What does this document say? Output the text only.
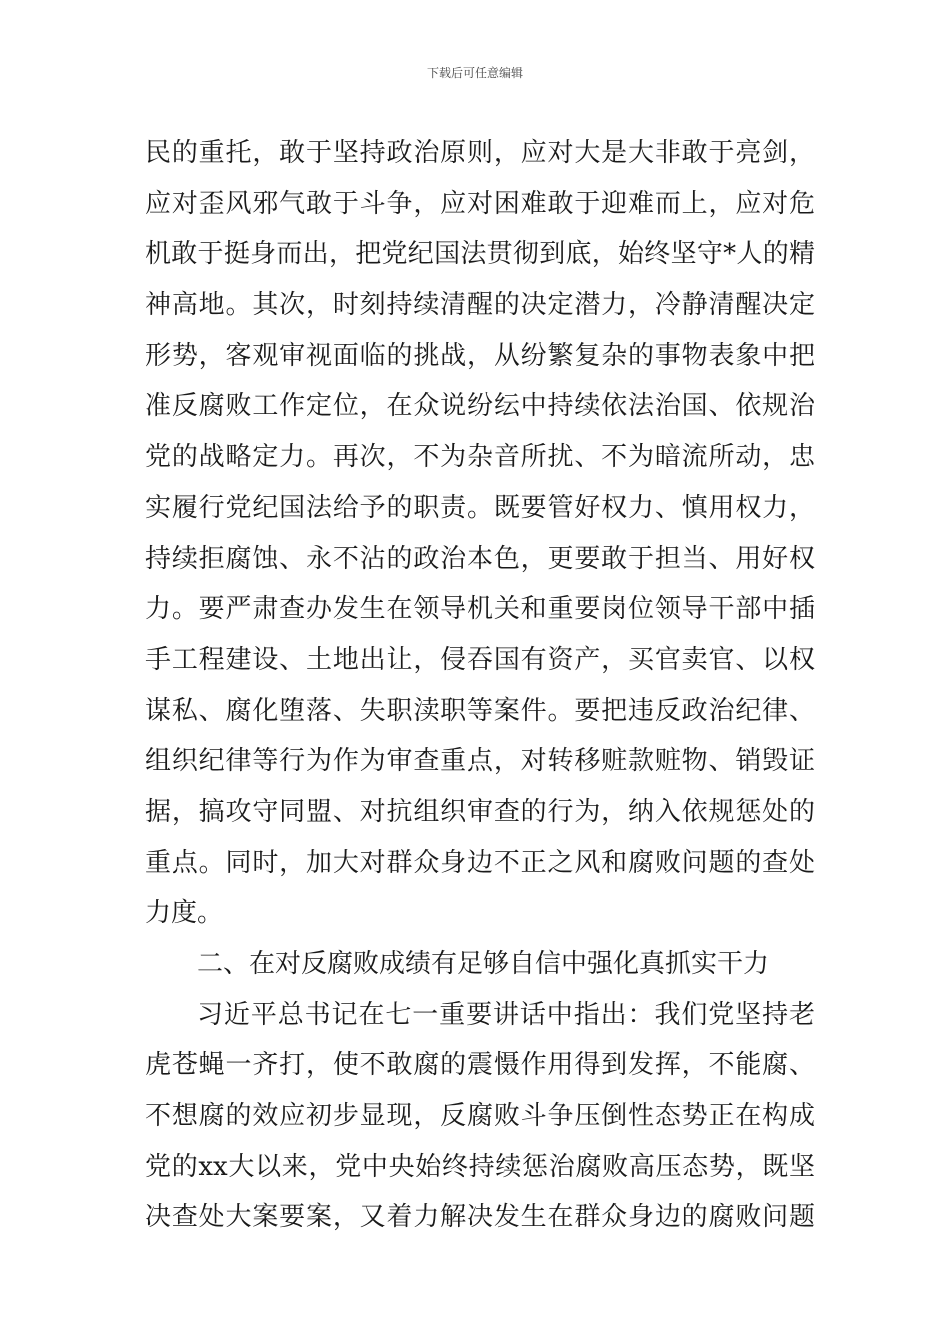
下载后可任意编辑
民的重托，敢于坚持政治原则，应对大是大非敢于亮剑，
应对歪风邪气敢于斗争，应对困难敢于迎难而上，应对危
机敢于挺身而出，把党纪国法贯彻到底，始终坚守*人的精
神高地。其次，时刻持续清醒的决定潜力，冷静清醒决定
形势，客观审视面临的挑战，从纷繁复杂的事物表象中把
准反腐败工作定位，在众说纷纭中持续依法治国、依规治
党的战略定力。再次，不为杂音所扰、不为暗流所动，忠
实履行党纪国法给予的职责。既要管好权力、慎用权力，
持续拒腐蚀、永不沾的政治本色，更要敢于担当、用好权
力。要严肃查办发生在领导机关和重要岗位领导干部中插
手工程建设、土地出让，侵吞国有资产，买官卖官、以权
谋私、腐化堕落、失职渎职等案件。要把违反政治纪律、
组织纪律等行为作为审查重点，对转移赃款赃物、销毁证
据，搞攻守同盟、对抗组织审查的行为，纳入依规惩处的
重点。同时，加大对群众身边不正之风和腐败问题的查处
力度。
二、在对反腐败成绩有足够自信中强化真抓实干力
习近平总书记在七一重要讲话中指出：我们党坚持老
虎苍蝇一齐打，使不敢腐的震慑作用得到发挥，不能腐、
不想腐的效应初步显现，反腐败斗争压倒性态势正在构成
党的xx大以来，党中央始终持续惩治腐败高压态势，既坚
决查处大案要案，又着力解决发生在群众身边的腐败问题
